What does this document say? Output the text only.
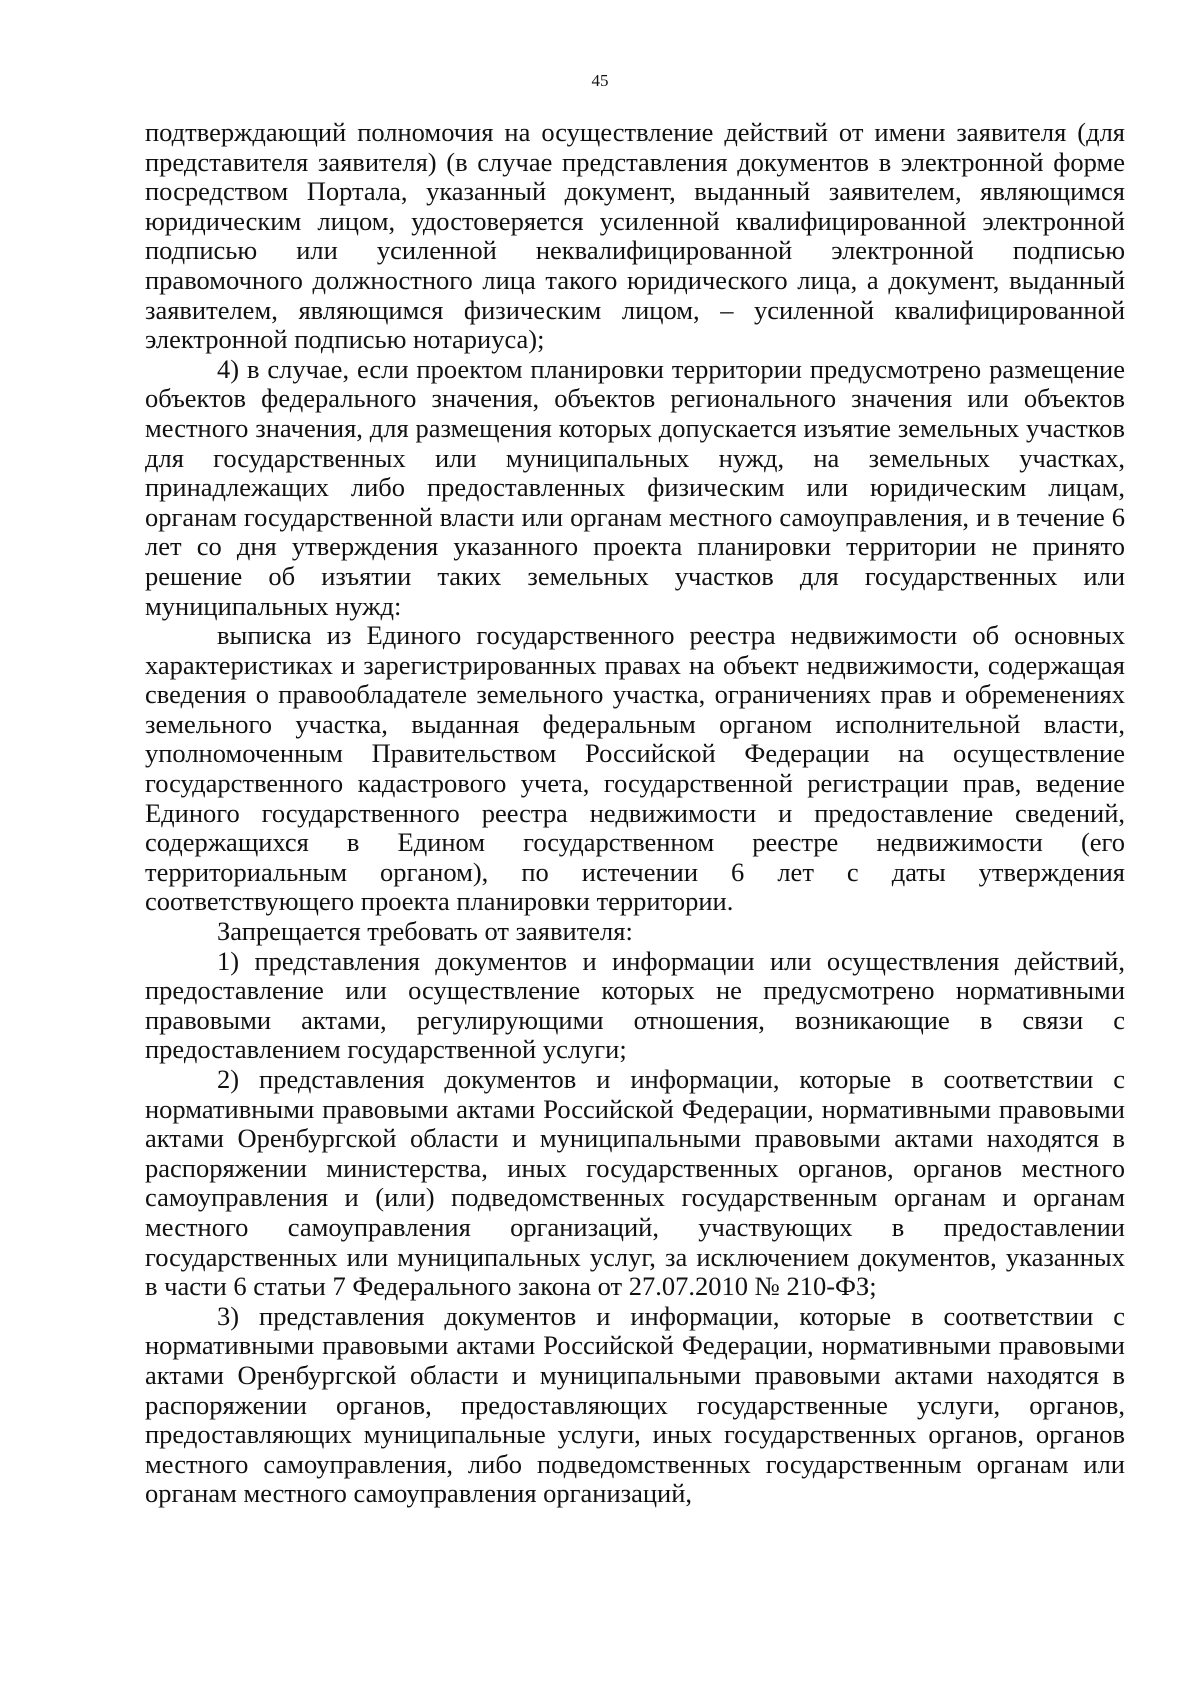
45

подтверждающий полномочия на осуществление действий от имени заявителя (для представителя заявителя) (в случае представления документов в электронной форме посредством Портала, указанный документ, выданный заявителем, являющимся юридическим лицом, удостоверяется усиленной квалифицированной электронной подписью или усиленной неквалифицированной электронной подписью правомочного должностного лица такого юридического лица, а документ, выданный заявителем, являющимся физическим лицом, – усиленной квалифицированной электронной подписью нотариуса);

4) в случае, если проектом планировки территории предусмотрено размещение объектов федерального значения, объектов регионального значения или объектов местного значения, для размещения которых допускается изъятие земельных участков для государственных или муниципальных нужд, на земельных участках, принадлежащих либо предоставленных физическим или юридическим лицам, органам государственной власти или органам местного самоуправления, и в течение 6 лет со дня утверждения указанного проекта планировки территории не принято решение об изъятии таких земельных участков для государственных или муниципальных нужд:

выписка из Единого государственного реестра недвижимости об основных характеристиках и зарегистрированных правах на объект недвижимости, содержащая сведения о правообладателе земельного участка, ограничениях прав и обременениях земельного участка, выданная федеральным органом исполнительной власти, уполномоченным Правительством Российской Федерации на осуществление государственного кадастрового учета, государственной регистрации прав, ведение Единого государственного реестра недвижимости и предоставление сведений, содержащихся в Едином государственном реестре недвижимости (его территориальным органом), по истечении 6 лет с даты утверждения соответствующего проекта планировки территории.

Запрещается требовать от заявителя:

1) представления документов и информации или осуществления действий, предоставление или осуществление которых не предусмотрено нормативными правовыми актами, регулирующими отношения, возникающие в связи с предоставлением государственной услуги;

2) представления документов и информации, которые в соответствии с нормативными правовыми актами Российской Федерации, нормативными правовыми актами Оренбургской области и муниципальными правовыми актами находятся в распоряжении министерства, иных государственных органов, органов местного самоуправления и (или) подведомственных государственным органам и органам местного самоуправления организаций, участвующих в предоставлении государственных или муниципальных услуг, за исключением документов, указанных в части 6 статьи 7 Федерального закона от 27.07.2010 № 210-ФЗ;

3) представления документов и информации, которые в соответствии с нормативными правовыми актами Российской Федерации, нормативными правовыми актами Оренбургской области и муниципальными правовыми актами находятся в распоряжении органов, предоставляющих государственные услуги, органов, предоставляющих муниципальные услуги, иных государственных органов, органов местного самоуправления, либо подведомственных государственным органам или органам местного самоуправления организаций,
